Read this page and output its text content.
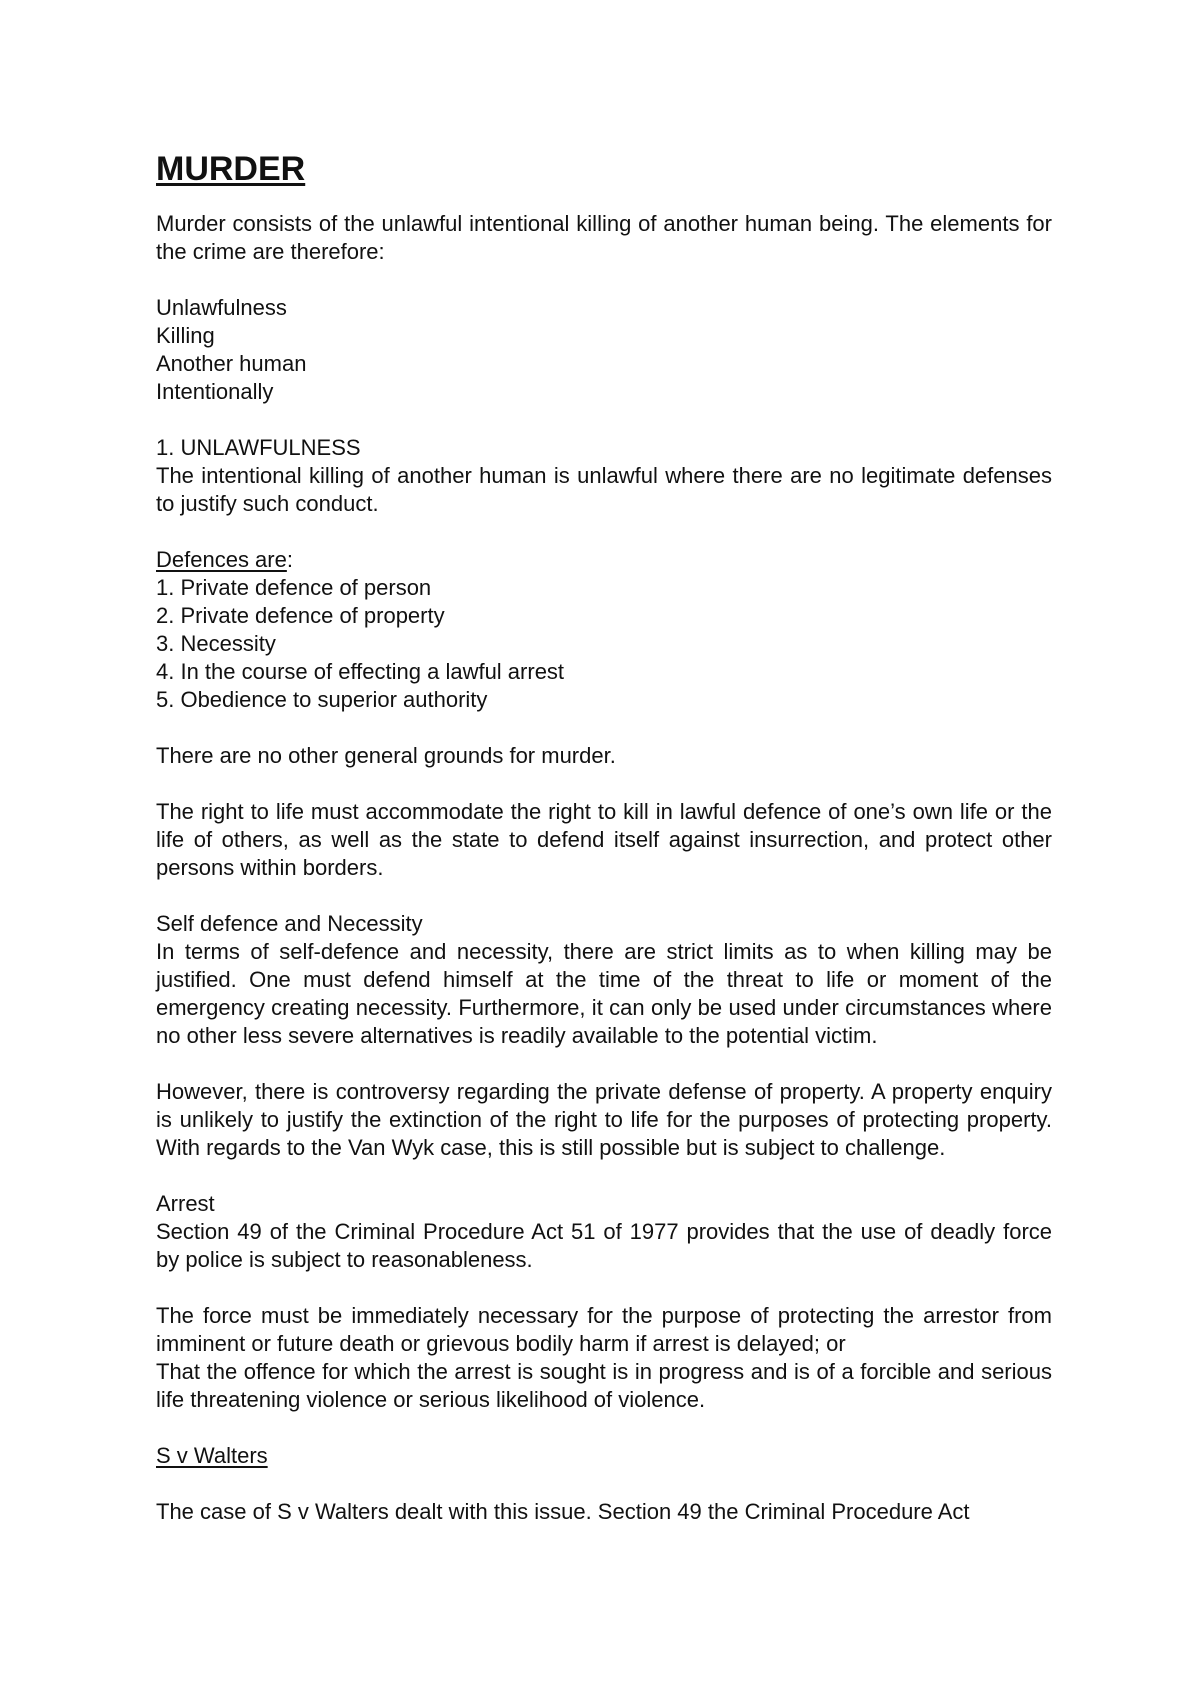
MURDER

Murder consists of the unlawful intentional killing of another human being. The elements for the crime are therefore:

Unlawfulness
Killing
Another human
Intentionally

1. UNLAWFULNESS
The intentional killing of another human is unlawful where there are no legitimate defenses to justify such conduct.

Defences are:
1. Private defence of person
2. Private defence of property
3. Necessity
4. In the course of effecting a lawful arrest
5. Obedience to superior authority
There are no other general grounds for murder.

The right to life must accommodate the right to kill in lawful defence of one’s own life or the life of others, as well as the state to defend itself against insurrection, and protect other persons within borders.

Self defence and Necessity
In terms of self-defence and necessity, there are strict limits as to when killing may be justified. One must defend himself at the time of the threat to life or moment of the emergency creating necessity. Furthermore, it can only be used under circumstances where no other less severe alternatives is readily available to the potential victim.

However, there is controversy regarding the private defense of property. A property enquiry is unlikely to justify the extinction of the right to life for the purposes of protecting property. With regards to the Van Wyk case, this is still possible but is subject to challenge.

Arrest
Section 49 of the Criminal Procedure Act 51 of 1977 provides that the use of deadly force by police is subject to reasonableness.

The force must be immediately necessary for the purpose of protecting the arrestor from imminent or future death or grievous bodily harm if arrest is delayed; or
That the offence for which the arrest is sought is in progress and is of a forcible and serious life threatening violence or serious likelihood of violence.

S v Walters

The case of S v Walters dealt with this issue. Section 49 the Criminal Procedure Act
